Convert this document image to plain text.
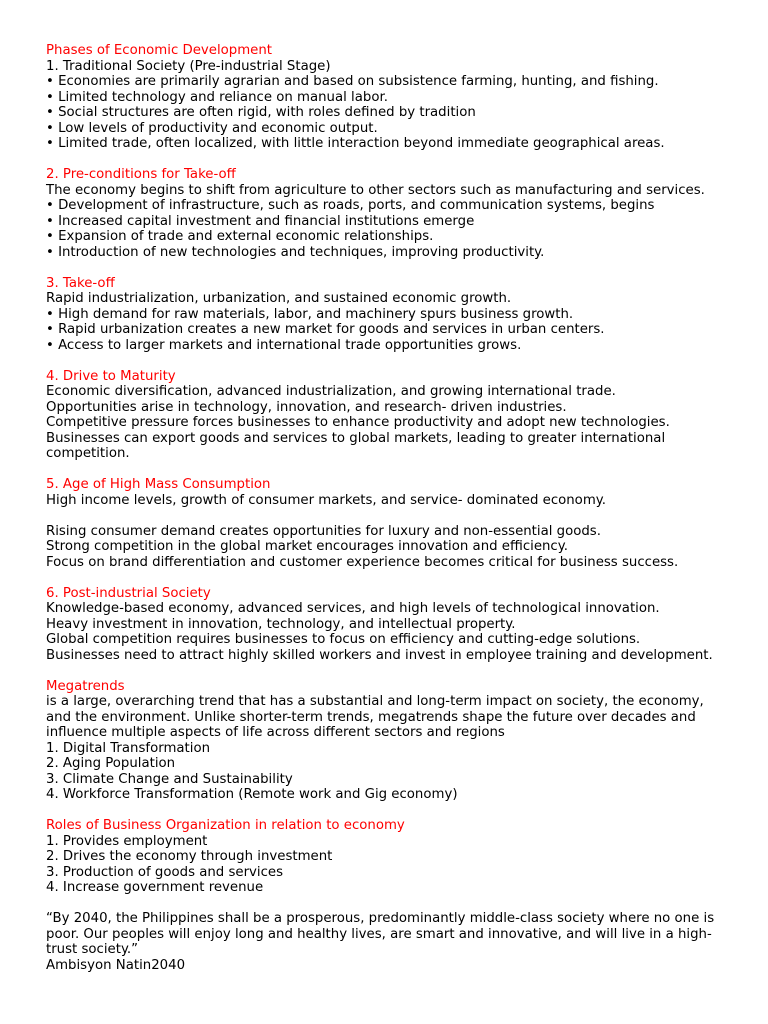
Phases of Economic Development
1. Traditional Society (Pre-industrial Stage)
• Economies are primarily agrarian and based on subsistence farming, hunting, and fishing.
• Limited technology and reliance on manual labor.
• Social structures are often rigid, with roles defined by tradition
• Low levels of productivity and economic output.
• Limited trade, often localized, with little interaction beyond immediate geographical areas.
2. Pre-conditions for Take-off
The economy begins to shift from agriculture to other sectors such as manufacturing and services.
• Development of infrastructure, such as roads, ports, and communication systems, begins
• Increased capital investment and financial institutions emerge
• Expansion of trade and external economic relationships.
• Introduction of new technologies and techniques, improving productivity.
3. Take-off
Rapid industrialization, urbanization, and sustained economic growth.
• High demand for raw materials, labor, and machinery spurs business growth.
• Rapid urbanization creates a new market for goods and services in urban centers.
• Access to larger markets and international trade opportunities grows.
4. Drive to Maturity
Economic diversification, advanced industrialization, and growing international trade.
Opportunities arise in technology, innovation, and research- driven industries.
Competitive pressure forces businesses to enhance productivity and adopt new technologies.
Businesses can export goods and services to global markets, leading to greater international competition.
5. Age of High Mass Consumption
High income levels, growth of consumer markets, and service- dominated economy.
Rising consumer demand creates opportunities for luxury and non-essential goods.
Strong competition in the global market encourages innovation and efficiency.
Focus on brand differentiation and customer experience becomes critical for business success.
6. Post-industrial Society
Knowledge-based economy, advanced services, and high levels of technological innovation.
Heavy investment in innovation, technology, and intellectual property.
Global competition requires businesses to focus on efficiency and cutting-edge solutions.
Businesses need to attract highly skilled workers and invest in employee training and development.
Megatrends
is a large, overarching trend that has a substantial and long-term impact on society, the economy, and the environment. Unlike shorter-term trends, megatrends shape the future over decades and influence multiple aspects of life across different sectors and regions
1. Digital Transformation
2. Aging Population
3. Climate Change and Sustainability
4. Workforce Transformation (Remote work and Gig economy)
Roles of Business Organization in relation to economy
1. Provides employment
2. Drives the economy through investment
3. Production of goods and services
4. Increase government revenue
“By 2040, the Philippines shall be a prosperous, predominantly middle-class society where no one is poor. Our peoples will enjoy long and healthy lives, are smart and innovative, and will live in a high-trust society.”
Ambisyon Natin2040
